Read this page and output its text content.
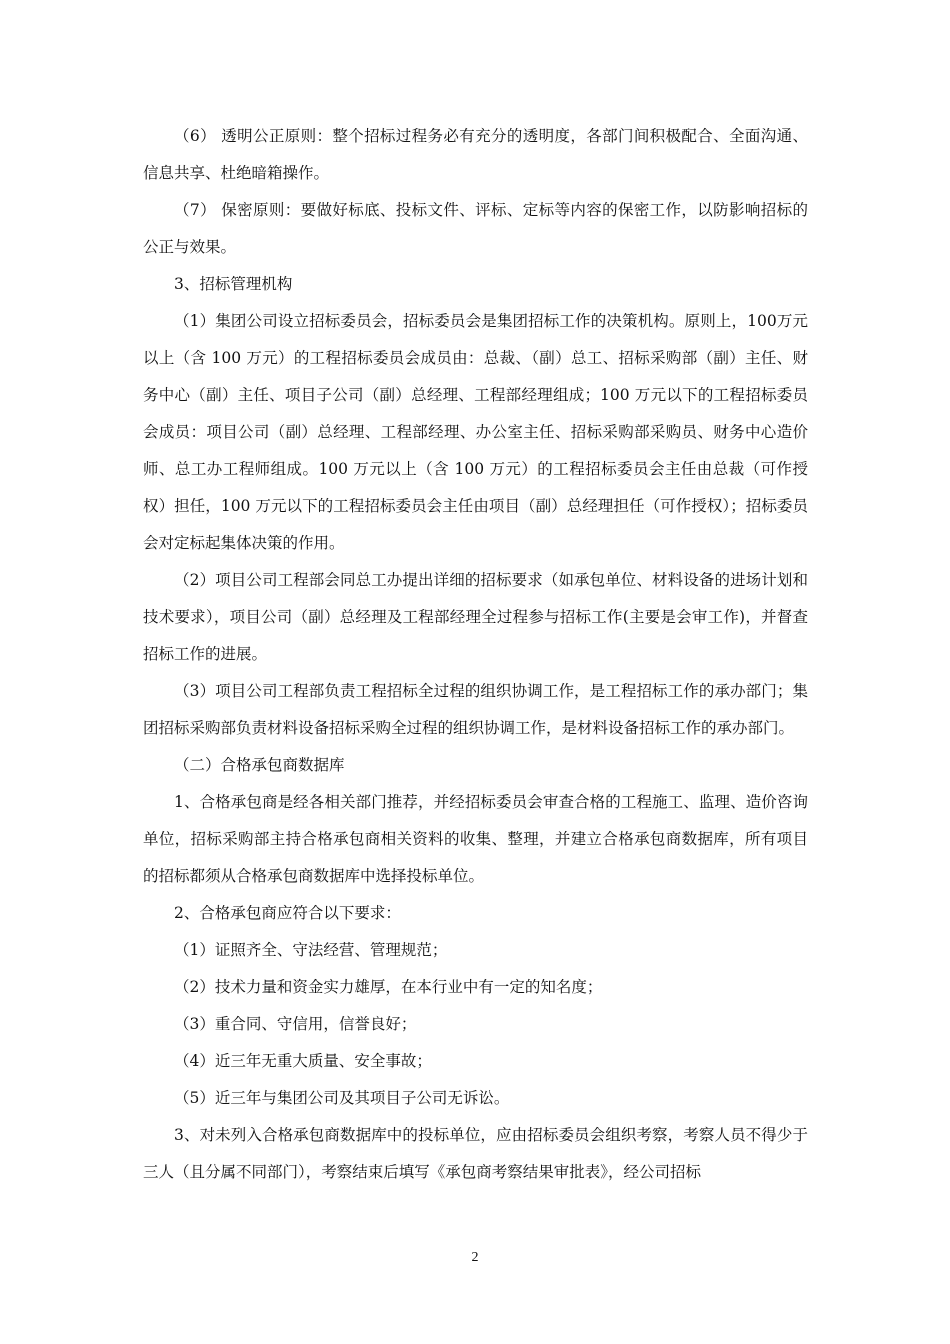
（6） 透明公正原则：整个招标过程务必有充分的透明度，各部门间积极配合、全面沟通、信息共享、杜绝暗箱操作。

（7） 保密原则：要做好标底、投标文件、评标、定标等内容的保密工作，以防影响招标的公正与效果。

3、招标管理机构

（1）集团公司设立招标委员会，招标委员会是集团招标工作的决策机构。原则上，100万元以上（含 100 万元）的工程招标委员会成员由：总裁、（副）总工、招标采购部（副）主任、财务中心（副）主任、项目子公司（副）总经理、工程部经理组成；100 万元以下的工程招标委员会成员：项目公司（副）总经理、工程部经理、办公室主任、招标采购部采购员、财务中心造价师、总工办工程师组成。100 万元以上（含 100 万元）的工程招标委员会主任由总裁（可作授权）担任，100 万元以下的工程招标委员会主任由项目（副）总经理担任（可作授权）；招标委员会对定标起集体决策的作用。

（2）项目公司工程部会同总工办提出详细的招标要求（如承包单位、材料设备的进场计划和技术要求），项目公司（副）总经理及工程部经理全过程参与招标工作(主要是会审工作)，并督查招标工作的进展。

（3）项目公司工程部负责工程招标全过程的组织协调工作，是工程招标工作的承办部门；集团招标采购部负责材料设备招标采购全过程的组织协调工作，是材料设备招标工作的承办部门。

（二）合格承包商数据库

1、合格承包商是经各相关部门推荐，并经招标委员会审查合格的工程施工、监理、造价咨询单位，招标采购部主持合格承包商相关资料的收集、整理，并建立合格承包商数据库，所有项目的招标都须从合格承包商数据库中选择投标单位。

2、合格承包商应符合以下要求：

（1）证照齐全、守法经营、管理规范；

（2）技术力量和资金实力雄厚，在本行业中有一定的知名度；

（3）重合同、守信用，信誉良好；

（4）近三年无重大质量、安全事故；

（5）近三年与集团公司及其项目子公司无诉讼。

3、对未列入合格承包商数据库中的投标单位，应由招标委员会组织考察，考察人员不得少于三人（且分属不同部门），考察结束后填写《承包商考察结果审批表》，经公司招标

2
